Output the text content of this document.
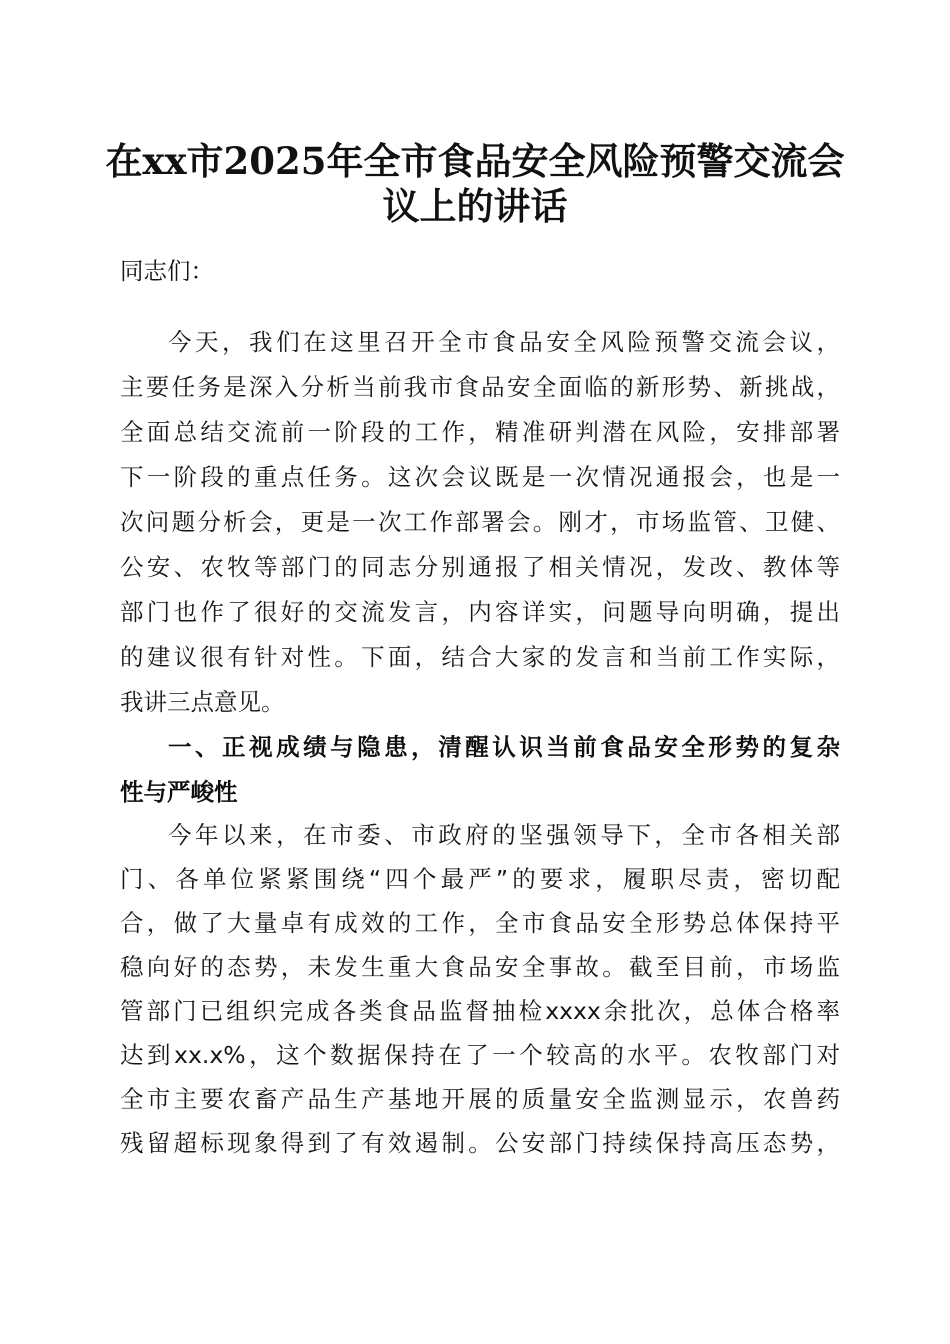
在xx市2025年全市食品安全风险预警交流会
议上的讲话
同志们：
今天，我们在这里召开全市食品安全风险预警交流会议，
主要任务是深入分析当前我市食品安全面临的新形势、新挑战，
全面总结交流前一阶段的工作，精准研判潜在风险，安排部署
下一阶段的重点任务。这次会议既是一次情况通报会，也是一
次问题分析会，更是一次工作部署会。刚才，市场监管、卫健、
公安、农牧等部门的同志分别通报了相关情况，发改、教体等
部门也作了很好的交流发言，内容详实，问题导向明确，提出
的建议很有针对性。下面，结合大家的发言和当前工作实际，
我讲三点意见。
一、正视成绩与隐患，清醒认识当前食品安全形势的复杂
性与严峻性
今年以来，在市委、市政府的坚强领导下，全市各相关部
门、各单位紧紧围绕“四个最严”的要求，履职尽责，密切配
合，做了大量卓有成效的工作，全市食品安全形势总体保持平
稳向好的态势，未发生重大食品安全事故。截至目前，市场监
管部门已组织完成各类食品监督抽检xxxx余批次，总体合格率
达到xx.x%，这个数据保持在了一个较高的水平。农牧部门对
全市主要农畜产品生产基地开展的质量安全监测显示，农兽药
残留超标现象得到了有效遏制。公安部门持续保持高压态势，
